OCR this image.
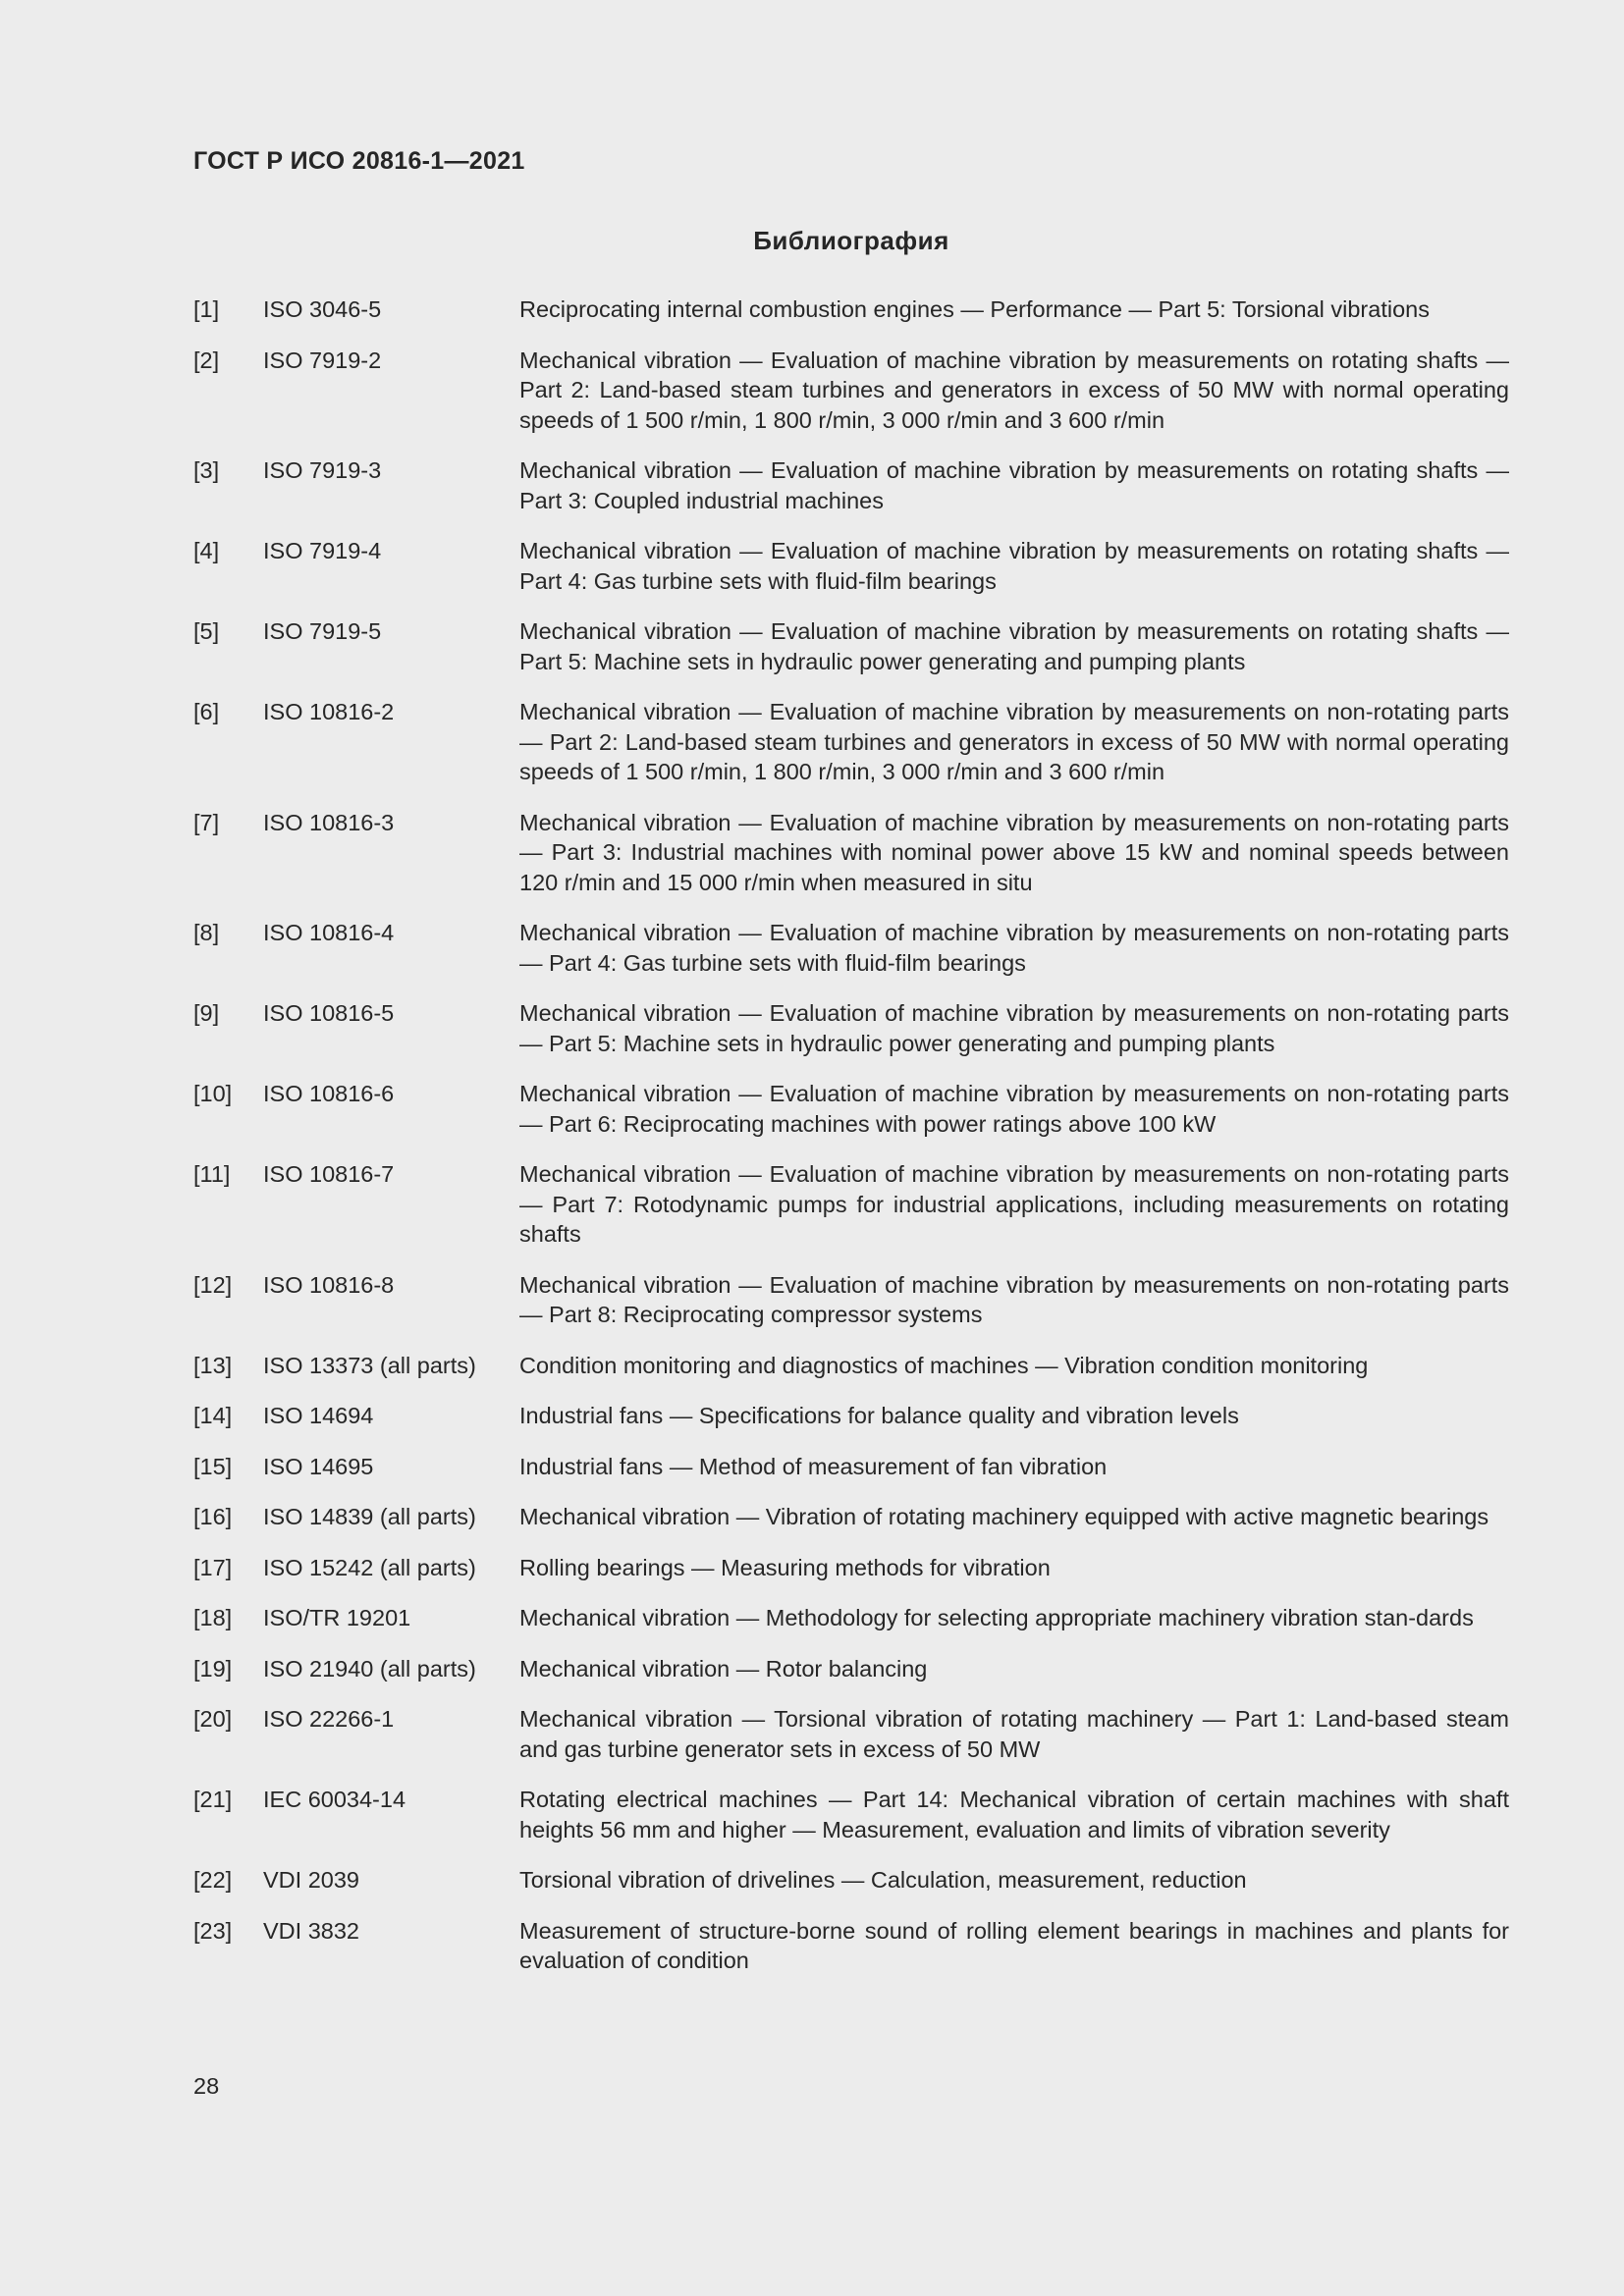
ГОСТ Р ИСО 20816-1—2021
Библиография
[1]	ISO 3046-5	Reciprocating internal combustion engines — Performance — Part 5: Torsional vibrations
[2]	ISO 7919-2	Mechanical vibration — Evaluation of machine vibration by measurements on rotating shafts — Part 2: Land-based steam turbines and generators in excess of 50 MW with normal operating speeds of 1 500 r/min, 1 800 r/min, 3 000 r/min and 3 600 r/min
[3]	ISO 7919-3	Mechanical vibration — Evaluation of machine vibration by measurements on rotating shafts — Part 3: Coupled industrial machines
[4]	ISO 7919-4	Mechanical vibration — Evaluation of machine vibration by measurements on rotating shafts — Part 4: Gas turbine sets with fluid-film bearings
[5]	ISO 7919-5	Mechanical vibration — Evaluation of machine vibration by measurements on rotating shafts — Part 5: Machine sets in hydraulic power generating and pumping plants
[6]	ISO 10816-2	Mechanical vibration — Evaluation of machine vibration by measurements on non-rotating parts — Part 2: Land-based steam turbines and generators in excess of 50 MW with normal operating speeds of 1 500 r/min, 1 800 r/min, 3 000 r/min and 3 600 r/min
[7]	ISO 10816-3	Mechanical vibration — Evaluation of machine vibration by measurements on non-rotating parts — Part 3: Industrial machines with nominal power above 15 kW and nominal speeds between 120 r/min and 15 000 r/min when measured in situ
[8]	ISO 10816-4	Mechanical vibration — Evaluation of machine vibration by measurements on non-rotating parts — Part 4: Gas turbine sets with fluid-film bearings
[9]	ISO 10816-5	Mechanical vibration — Evaluation of machine vibration by measurements on non-rotating parts — Part 5: Machine sets in hydraulic power generating and pumping plants
[10]	ISO 10816-6	Mechanical vibration — Evaluation of machine vibration by measurements on non-rotating parts — Part 6: Reciprocating machines with power ratings above 100 kW
[11]	ISO 10816-7	Mechanical vibration — Evaluation of machine vibration by measurements on non-rotating parts — Part 7: Rotodynamic pumps for industrial applications, including measurements on rotating shafts
[12]	ISO 10816-8	Mechanical vibration — Evaluation of machine vibration by measurements on non-rotating parts — Part 8: Reciprocating compressor systems
[13]	ISO 13373 (all parts)	Condition monitoring and diagnostics of machines — Vibration condition monitoring
[14]	ISO 14694	Industrial fans — Specifications for balance quality and vibration levels
[15]	ISO 14695	Industrial fans — Method of measurement of fan vibration
[16]	ISO 14839 (all parts)	Mechanical vibration — Vibration of rotating machinery equipped with active magnetic bearings
[17]	ISO 15242 (all parts)	Rolling bearings — Measuring methods for vibration
[18]	ISO/TR 19201	Mechanical vibration — Methodology for selecting appropriate machinery vibration stan-dards
[19]	ISO 21940 (all parts)	Mechanical vibration — Rotor balancing
[20]	ISO 22266-1	Mechanical vibration — Torsional vibration of rotating machinery — Part 1: Land-based steam and gas turbine generator sets in excess of 50 MW
[21]	IEC 60034-14	Rotating electrical machines — Part 14: Mechanical vibration of certain machines with shaft heights 56 mm and higher — Measurement, evaluation and limits of vibration severity
[22]	VDI 2039	Torsional vibration of drivelines — Calculation, measurement, reduction
[23]	VDI 3832	Measurement of structure-borne sound of rolling element bearings in machines and plants for evaluation of condition
28
